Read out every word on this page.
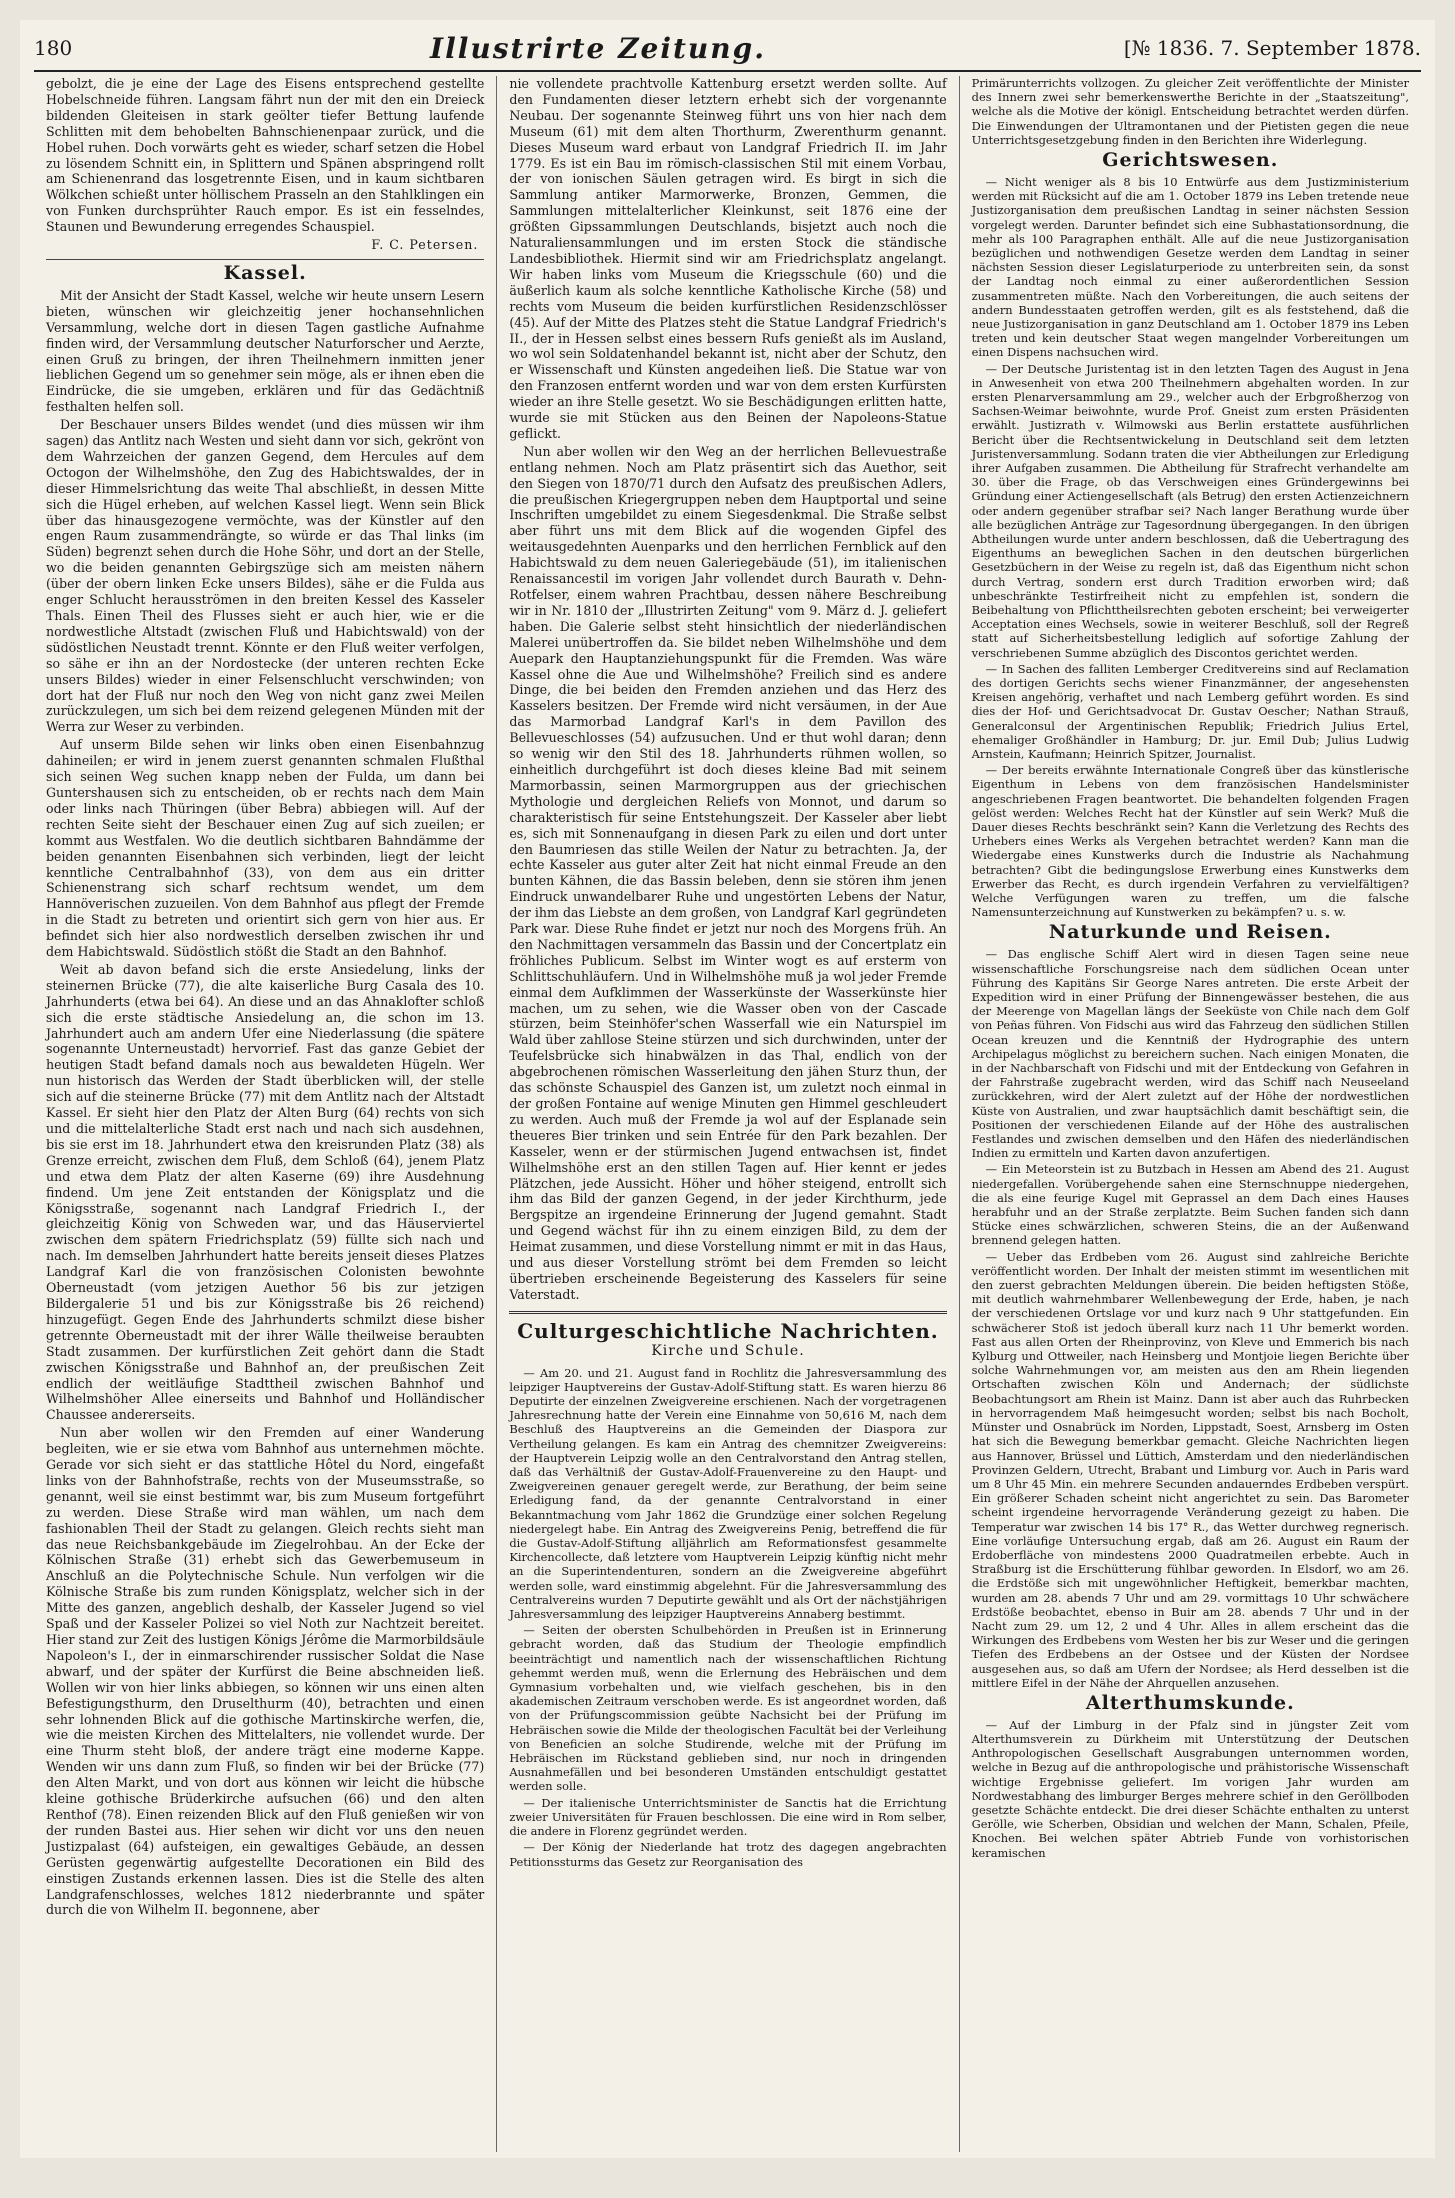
180	Illustrirte Zeitung.	[№ 1836. 7. September 1878.

gebolzt, die je eine der Lage des Eisens entsprechend gestellte Hobelschneide führen. Langsam fährt nun der mit den ein Dreieck bildenden Gleiteisen in stark geölter tiefer Bettung laufende Schlitten mit dem behobelten Bahnschienenpaar zurück, und die Hobel ruhen. Doch vorwärts geht es wieder, scharf setzen die Hobel zu lösendem Schnitt ein, in Splittern und Spänen abspringend rollt am Schienenrand das losgetrennte Eisen, und in kaum sichtbaren Wölkchen schießt unter höllischem Prasseln an den Stahlklingen ein von Funken durchsprühter Rauch empor. Es ist ein fesselndes, Staunen und Bewunderung erregendes Schauspiel.

F. C. Petersen.
Kassel.

Mit der Ansicht der Stadt Kassel, welche wir heute unsern Lesern bieten, wünschen wir gleichzeitig jener hochansehnlichen Versammlung, welche dort in diesen Tagen gastliche Aufnahme finden wird, der Versammlung deutscher Naturforscher und Aerzte, einen Gruß zu bringen, der ihren Theilnehmern inmitten jener lieblichen Gegend um so genehmer sein möge, als er ihnen eben die Eindrücke, die sie umgeben, erklären und für das Gedächtniß festhalten helfen soll.

Der Beschauer unsers Bildes wendet (und dies müssen wir ihm sagen) das Antlitz nach Westen und sieht dann vor sich, gekrönt von dem Wahrzeichen der ganzen Gegend, dem Hercules auf dem Octogon der Wilhelmshöhe, den Zug des Habichtswaldes, der in dieser Himmelsrichtung das weite Thal abschließt, in dessen Mitte sich die Hügel erheben, auf welchen Kassel liegt. Wenn sein Blick über das hinausgezogene vermöchte, was der Künstler auf den engen Raum zusammendrängte, so würde er das Thal links (im Süden) begrenzt sehen durch die Hohe Söhr, und dort an der Stelle, wo die beiden genannten Gebirgszüge sich am meisten nähern (über der obern linken Ecke unsers Bildes), sähe er die Fulda aus enger Schlucht herausströmen in den breiten Kessel des Kasseler Thals. Einen Theil des Flusses sieht er auch hier, wie er die nordwestliche Altstadt (zwischen Fluß und Habichtswald) von der südöstlichen Neustadt trennt. Könnte er den Fluß weiter verfolgen, so sähe er ihn an der Nordostecke (der unteren rechten Ecke unsers Bildes) wieder in einer Felsenschlucht verschwinden; von dort hat der Fluß nur noch den Weg von nicht ganz zwei Meilen zurückzulegen, um sich bei dem reizend gelegenen Münden mit der Werra zur Weser zu verbinden.

Auf unserm Bilde sehen wir links oben einen Eisenbahnzug dahineilen; er wird in jenem zuerst genannten schmalen Flußthal sich seinen Weg suchen knapp neben der Fulda, um dann bei Guntershausen sich zu entscheiden, ob er rechts nach dem Main oder links nach Thüringen (über Bebra) abbiegen will. Auf der rechten Seite sieht der Beschauer einen Zug auf sich zueilen; er kommt aus Westfalen. Wo die deutlich sichtbaren Bahndämme der beiden genannten Eisenbahnen sich verbinden, liegt der leicht kenntliche Centralbahnhof (33), von dem aus ein dritter Schienenstrang sich scharf rechtsum wendet, um dem Hannöverischen zuzueilen. Von dem Bahnhof aus pflegt der Fremde in die Stadt zu betreten und orientirt sich gern von hier aus. Er befindet sich hier also nordwestlich derselben zwischen ihr und dem Habichtswald. Südöstlich stößt die Stadt an den Bahnhof.

Weit ab davon befand sich die erste Ansiedelung, links der steinernen Brücke (77), die alte kaiserliche Burg Casala des 10. Jahrhunderts (etwa bei 64). An diese und an das Ahnaklofter schloß sich die erste städtische Ansiedelung an, die schon im 13. Jahrhundert auch am andern Ufer eine Niederlassung (die spätere sogenannte Unterneustadt) hervorrief. Fast das ganze Gebiet der heutigen Stadt befand damals noch aus bewaldeten Hügeln. Wer nun historisch das Werden der Stadt überblicken will, der stelle sich auf die steinerne Brücke (77) mit dem Antlitz nach der Altstadt Kassel. Er sieht hier den Platz der Alten Burg (64) rechts von sich und die mittelalterliche Stadt erst nach und nach sich ausdehnen, bis sie erst im 18. Jahrhundert etwa den kreisrunden Platz (38) als Grenze erreicht, zwischen dem Fluß, dem Schloß (64), jenem Platz und etwa dem Platz der alten Kaserne (69) ihre Ausdehnung findend. Um jene Zeit entstanden der Königsplatz und die Königsstraße, sogenannt nach Landgraf Friedrich I., der gleichzeitig König von Schweden war, und das Häuserviertel zwischen dem spätern Friedrichsplatz (59) füllte sich nach und nach. Im demselben Jahrhundert hatte bereits jenseit dieses Platzes Landgraf Karl die von französischen Colonisten bewohnte Oberneustadt (vom jetzigen Auethor 56 bis zur jetzigen Bildergalerie 51 und bis zur Königsstraße bis 26 reichend) hinzugefügt. Gegen Ende des Jahrhunderts schmilzt diese bisher getrennte Oberneustadt mit der ihrer Wälle theilweise beraubten Stadt zusammen. Der kurfürstlichen Zeit gehört dann die Stadt zwischen Königsstraße und Bahnhof an, der preußischen Zeit endlich der weitläufige Stadttheil zwischen Bahnhof und Wilhelmshöher Allee einerseits und Bahnhof und Holländischer Chaussee andererseits.

Nun aber wollen wir den Fremden auf einer Wanderung begleiten, wie er sie etwa vom Bahnhof aus unternehmen möchte. Gerade vor sich sieht er das stattliche Hôtel du Nord, eingefaßt links von der Bahnhofstraße, rechts von der Museumsstraße, so genannt, weil sie einst bestimmt war, bis zum Museum fortgeführt zu werden. Diese Straße wird man wählen, um nach dem fashionablen Theil der Stadt zu gelangen. Gleich rechts sieht man das neue Reichsbankgebäude im Ziegelrohbau. An der Ecke der Kölnischen Straße (31) erhebt sich das Gewerbemuseum in Anschluß an die Polytechnische Schule. Nun verfolgen wir die Kölnische Straße bis zum runden Königsplatz, welcher sich in der Mitte des ganzen, angeblich deshalb, der Kasseler Jugend so viel Spaß und der Kasseler Polizei so viel Noth zur Nachtzeit bereitet. Hier stand zur Zeit des lustigen Königs Jérôme die Marmorbildsäule Napoleon's I., der in einmarschirender russischer Soldat die Nase abwarf, und der später der Kurfürst die Beine abschneiden ließ. Wollen wir von hier links abbiegen, so können wir uns einen alten Befestigungsthurm, den Druselthurm (40), betrachten und einen sehr lohnenden Blick auf die gothische Martinskirche werfen, die, wie die meisten Kirchen des Mittelalters, nie vollendet wurde. Der eine Thurm steht bloß, der andere trägt eine moderne Kappe. Wenden wir uns dann zum Fluß, so finden wir bei der Brücke (77) den Alten Markt, und von dort aus können wir leicht die hübsche kleine gothische Brüderkirche aufsuchen (66) und den alten Renthof (78). Einen reizenden Blick auf den Fluß genießen wir von der runden Bastei aus. Hier sehen wir dicht vor uns den neuen Justizpalast (64) aufsteigen, ein gewaltiges Gebäude, an dessen Gerüsten gegenwärtig aufgestellte Decorationen ein Bild des einstigen Zustands erkennen lassen. Dies ist die Stelle des alten Landgrafenschlosses, welches 1812 niederbrannte und später durch die von Wilhelm II. begonnene, aber

nie vollendete prachtvolle Kattenburg ersetzt werden sollte. Auf den Fundamenten dieser letztern erhebt sich der vorgenannte Neubau. Der sogenannte Steinweg führt uns von hier nach dem Museum (61) mit dem alten Thorthurm, Zwerenthurm genannt. Dieses Museum ward erbaut von Landgraf Friedrich II. im Jahr 1779. Es ist ein Bau im römisch-classischen Stil mit einem Vorbau, der von ionischen Säulen getragen wird. Es birgt in sich die Sammlung antiker Marmorwerke, Bronzen, Gemmen, die Sammlungen mittelalterlicher Kleinkunst, seit 1876 eine der größten Gipssammlungen Deutschlands, bisjetzt auch noch die Naturaliensammlungen und im ersten Stock die ständische Landesbibliothek. Hiermit sind wir am Friedrichsplatz angelangt. Wir haben links vom Museum die Kriegsschule (60) und die äußerlich kaum als solche kenntliche Katholische Kirche (58) und rechts vom Museum die beiden kurfürstlichen Residenzschlösser (45). Auf der Mitte des Platzes steht die Statue Landgraf Friedrich's II., der in Hessen selbst eines bessern Rufs genießt als im Ausland, wo wol sein Soldatenhandel bekannt ist, nicht aber der Schutz, den er Wissenschaft und Künsten angedeihen ließ. Die Statue war von den Franzosen entfernt worden und war von dem ersten Kurfürsten wieder an ihre Stelle gesetzt. Wo sie Beschädigungen erlitten hatte, wurde sie mit Stücken aus den Beinen der Napoleons-Statue geflickt.

Nun aber wollen wir den Weg an der herrlichen Bellevuestraße entlang nehmen. Noch am Platz präsentirt sich das Auethor, seit den Siegen von 1870/71 durch den Aufsatz des preußischen Adlers, die preußischen Kriegergruppen neben dem Hauptportal und seine Inschriften umgebildet zu einem Siegesdenkmal. Die Straße selbst aber führt uns mit dem Blick auf die wogenden Gipfel des weitausgedehnten Auenparks und den herrlichen Fernblick auf den Habichtswald zu dem neuen Galeriegebäude (51), im italienischen Renaissancestil im vorigen Jahr vollendet durch Baurath v. Dehn-Rotfelser, einem wahren Prachtbau, dessen nähere Beschreibung wir in Nr. 1810 der „Illustrirten Zeitung" vom 9. März d. J. geliefert haben. Die Galerie selbst steht hinsichtlich der niederländischen Malerei unübertroffen da. Sie bildet neben Wilhelmshöhe und dem Auepark den Hauptanziehungspunkt für die Fremden. Was wäre Kassel ohne die Aue und Wilhelmshöhe? Freilich sind es andere Dinge, die bei beiden den Fremden anziehen und das Herz des Kasselers besitzen. Der Fremde wird nicht versäumen, in der Aue das Marmorbad Landgraf Karl's in dem Pavillon des Bellevueschlosses (54) aufzusuchen. Und er thut wohl daran; denn so wenig wir den Stil des 18. Jahrhunderts rühmen wollen, so einheitlich durchgeführt ist doch dieses kleine Bad mit seinem Marmorbassin, seinen Marmorgruppen aus der griechischen Mythologie und dergleichen Reliefs von Monnot, und darum so charakteristisch für seine Entstehungszeit. Der Kasseler aber liebt es, sich mit Sonnenaufgang in diesen Park zu eilen und dort unter den Baumriesen das stille Weilen der Natur zu betrachten. Ja, der echte Kasseler aus guter alter Zeit hat nicht einmal Freude an den bunten Kähnen, die das Bassin beleben, denn sie stören ihm jenen Eindruck unwandelbarer Ruhe und ungestörten Lebens der Natur, der ihm das Liebste an dem großen, von Landgraf Karl gegründeten Park war. Diese Ruhe findet er jetzt nur noch des Morgens früh. An den Nachmittagen versammeln das Bassin und der Concertplatz ein fröhliches Publicum. Selbst im Winter wogt es auf ersterm von Schlittschuhläufern. Und in Wilhelmshöhe muß ja wol jeder Fremde einmal dem Aufklimmen der Wasserkünste der Wasserkünste hier machen, um zu sehen, wie die Wasser oben von der Cascade stürzen, beim Steinhöfer'schen Wasserfall wie ein Naturspiel im Wald über zahllose Steine stürzen und sich durchwinden, unter der Teufelsbrücke sich hinabwälzen in das Thal, endlich von der abgebrochenen römischen Wasserleitung den jähen Sturz thun, der das schönste Schauspiel des Ganzen ist, um zuletzt noch einmal in der großen Fontaine auf wenige Minuten gen Himmel geschleudert zu werden. Auch muß der Fremde ja wol auf der Esplanade sein theueres Bier trinken und sein Entrée für den Park bezahlen. Der Kasseler, wenn er der stürmischen Jugend entwachsen ist, findet Wilhelmshöhe erst an den stillen Tagen auf. Hier kennt er jedes Plätzchen, jede Aussicht. Höher und höher steigend, entrollt sich ihm das Bild der ganzen Gegend, in der jeder Kirchthurm, jede Bergspitze an irgendeine Erinnerung der Jugend gemahnt. Stadt und Gegend wächst für ihn zu einem einzigen Bild, zu dem der Heimat zusammen, und diese Vorstellung nimmt er mit in das Haus, und aus dieser Vorstellung strömt bei dem Fremden so leicht übertrieben erscheinende Begeisterung des Kasselers für seine Vaterstadt.

Culturgeschichtliche Nachrichten.
Kirche und Schule.

— Am 20. und 21. August fand in Rochlitz die Jahresversammlung des leipziger Hauptvereins der Gustav-Adolf-Stiftung statt. Es waren hierzu 86 Deputirte der einzelnen Zweigvereine erschienen. Nach der vorgetragenen Jahresrechnung hatte der Verein eine Einnahme von 50,616 M, nach dem Beschluß des Hauptvereins an die Gemeinden der Diaspora zur Vertheilung gelangen. Es kam ein Antrag des chemnitzer Zweigvereins: der Hauptverein Leipzig wolle an den Centralvorstand den Antrag stellen, daß das Verhältniß der Gustav-Adolf-Frauenvereine zu den Haupt- und Zweigvereinen genauer geregelt werde, zur Berathung, der beim seine Erledigung fand, da der genannte Centralvorstand in einer Bekanntmachung vom Jahr 1862 die Grundzüge einer solchen Regelung niedergelegt habe. Ein Antrag des Zweigvereins Penig, betreffend die für die Gustav-Adolf-Stiftung alljährlich am Reformationsfest gesammelte Kirchencollecte, daß letztere vom Hauptverein Leipzig künftig nicht mehr an die Superintendenturen, sondern an die Zweigvereine abgeführt werden solle, ward einstimmig abgelehnt. Für die Jahresversammlung des Centralvereins wurden 7 Deputirte gewählt und als Ort der nächstjährigen Jahresversammlung des leipziger Hauptvereins Annaberg bestimmt.

— Seiten der obersten Schulbehörden in Preußen ist in Erinnerung gebracht worden, daß das Studium der Theologie empfindlich beeinträchtigt und namentlich nach der wissenschaftlichen Richtung gehemmt werden muß, wenn die Erlernung des Hebräischen und dem Gymnasium vorbehalten und, wie vielfach geschehen, bis in den akademischen Zeitraum verschoben werde. Es ist angeordnet worden, daß von der Prüfungscommission geübte Nachsicht bei der Prüfung im Hebräischen sowie die Milde der theologischen Facultät bei der Verleihung von Beneficien an solche Studirende, welche mit der Prüfung im Hebräischen im Rückstand geblieben sind, nur noch in dringenden Ausnahmefällen und bei besonderen Umständen entschuldigt gestattet werden solle.

— Der italienische Unterrichtsminister de Sanctis hat die Errichtung zweier Universitäten für Frauen beschlossen. Die eine wird in Rom selber, die andere in Florenz gegründet werden.

— Der König der Niederlande hat trotz des dagegen angebrachten Petitionssturms das Gesetz zur Reorganisation des

Primärunterrichts vollzogen. Zu gleicher Zeit veröffentlichte der Minister des Innern zwei sehr bemerkenswerthe Berichte in der „Staatszeitung", welche als die Motive der königl. Entscheidung betrachtet werden dürfen. Die Einwendungen der Ultramontanen und der Pietisten gegen die neue Unterrichtsgesetzgebung finden in den Berichten ihre Widerlegung.

Gerichtswesen.

— Nicht weniger als 8 bis 10 Entwürfe aus dem Justizministerium werden mit Rücksicht auf die am 1. October 1879 ins Leben tretende neue Justizorganisation dem preußischen Landtag in seiner nächsten Session vorgelegt werden. Darunter befindet sich eine Subhastationsordnung, die mehr als 100 Paragraphen enthält. Alle auf die neue Justizorganisation bezüglichen und nothwendigen Gesetze werden dem Landtag in seiner nächsten Session dieser Legislaturperiode zu unterbreiten sein, da sonst der Landtag noch einmal zu einer außerordentlichen Session zusammentreten müßte. Nach den Vorbereitungen, die auch seitens der andern Bundesstaaten getroffen werden, gilt es als feststehend, daß die neue Justizorganisation in ganz Deutschland am 1. October 1879 ins Leben treten und kein deutscher Staat wegen mangelnder Vorbereitungen um einen Dispens nachsuchen wird.

— Der Deutsche Juristentag ist in den letzten Tagen des August in Jena in Anwesenheit von etwa 200 Theilnehmern abgehalten worden. In zur ersten Plenarversammlung am 29., welcher auch der Erbgroßherzog von Sachsen-Weimar beiwohnte, wurde Prof. Gneist zum ersten Präsidenten erwählt. Justizrath v. Wilmowski aus Berlin erstattete ausführlichen Bericht über die Rechtsentwickelung in Deutschland seit dem letzten Juristenversammlung. Sodann traten die vier Abtheilungen zur Erledigung ihrer Aufgaben zusammen. Die Abtheilung für Strafrecht verhandelte am 30. über die Frage, ob das Verschweigen eines Gründergewinns bei Gründung einer Actiengesellschaft (als Betrug) den ersten Actienzeichnern oder andern gegenüber strafbar sei? Nach langer Berathung wurde über alle bezüglichen Anträge zur Tagesordnung übergegangen. In den übrigen Abtheilungen wurde unter andern beschlossen, daß die Uebertragung des Eigenthums an beweglichen Sachen in den deutschen bürgerlichen Gesetzbüchern in der Weise zu regeln ist, daß das Eigenthum nicht schon durch Vertrag, sondern erst durch Tradition erworben wird; daß unbeschränkte Testirfreiheit nicht zu empfehlen ist, sondern die Beibehaltung von Pflichttheilsrechten geboten erscheint; bei verweigerter Acceptation eines Wechsels, sowie in weiterer Beschluß, soll der Regreß statt auf Sicherheitsbestellung lediglich auf sofortige Zahlung der verschriebenen Summe abzüglich des Discontos gerichtet werden.

— In Sachen des falliten Lemberger Creditvereins sind auf Reclamation des dortigen Gerichts sechs wiener Finanzmänner, der angesehensten Kreisen angehörig, verhaftet und nach Lemberg geführt worden. Es sind dies der Hof- und Gerichtsadvocat Dr. Gustav Oescher; Nathan Strauß, Generalconsul der Argentinischen Republik; Friedrich Julius Ertel, ehemaliger Großhändler in Hamburg; Dr. jur. Emil Dub; Julius Ludwig Arnstein, Kaufmann; Heinrich Spitzer, Journalist.

— Der bereits erwähnte Internationale Congreß über das künstlerische Eigenthum in Lebens von dem französischen Handelsminister angeschriebenen Fragen beantwortet. Die behandelten folgenden Fragen gelöst werden: Welches Recht hat der Künstler auf sein Werk? Muß die Dauer dieses Rechts beschränkt sein? Kann die Verletzung des Rechts des Urhebers eines Werks als Vergehen betrachtet werden? Kann man die Wiedergabe eines Kunstwerks durch die Industrie als Nachahmung betrachten? Gibt die bedingungslose Erwerbung eines Kunstwerks dem Erwerber das Recht, es durch irgendein Verfahren zu vervielfältigen? Welche Verfügungen waren zu treffen, um die falsche Namensunterzeichnung auf Kunstwerken zu bekämpfen? u. s. w.

Naturkunde und Reisen.

— Das englische Schiff Alert wird in diesen Tagen seine neue wissenschaftliche Forschungsreise nach dem südlichen Ocean unter Führung des Kapitäns Sir George Nares antreten. Die erste Arbeit der Expedition wird in einer Prüfung der Binnengewässer bestehen, die aus der Meerenge von Magellan längs der Seeküste von Chile nach dem Golf von Peñas führen. Von Fidschi aus wird das Fahrzeug den südlichen Stillen Ocean kreuzen und die Kenntniß der Hydrographie des untern Archipelagus möglichst zu bereichern suchen. Nach einigen Monaten, die in der Nachbarschaft von Fidschi und mit der Entdeckung von Gefahren in der Fahrstraße zugebracht werden, wird das Schiff nach Neuseeland zurückkehren, wird der Alert zuletzt auf der Höhe der nordwestlichen Küste von Australien, und zwar hauptsächlich damit beschäftigt sein, die Positionen der verschiedenen Eilande auf der Höhe des australischen Festlandes und zwischen demselben und den Häfen des niederländischen Indien zu ermitteln und Karten davon anzufertigen.

— Ein Meteorstein ist zu Butzbach in Hessen am Abend des 21. August niedergefallen. Vorübergehende sahen eine Sternschnuppe niedergehen, die als eine feurige Kugel mit Geprassel an dem Dach eines Hauses herabfuhr und an der Straße zerplatzte. Beim Suchen fanden sich dann Stücke eines schwärzlichen, schweren Steins, die an der Außenwand brennend gelegen hatten.

— Ueber das Erdbeben vom 26. August sind zahlreiche Berichte veröffentlicht worden. Der Inhalt der meisten stimmt im wesentlichen mit den zuerst gebrachten Meldungen überein. Die beiden heftigsten Stöße, mit deutlich wahrnehmbarer Wellenbewegung der Erde, haben, je nach der verschiedenen Ortslage vor und kurz nach 9 Uhr stattgefunden. Ein schwächerer Stoß ist jedoch überall kurz nach 11 Uhr bemerkt worden. Fast aus allen Orten der Rheinprovinz, von Kleve und Emmerich bis nach Kylburg und Ottweiler, nach Heinsberg und Montjoie liegen Berichte über solche Wahrnehmungen vor, am meisten aus den am Rhein liegenden Ortschaften zwischen Köln und Andernach; der südlichste Beobachtungsort am Rhein ist Mainz. Dann ist aber auch das Ruhrbecken in hervorragendem Maß heimgesucht worden; selbst bis nach Bocholt, Münster und Osnabrück im Norden, Lippstadt, Soest, Arnsberg im Osten hat sich die Bewegung bemerkbar gemacht. Gleiche Nachrichten liegen aus Hannover, Brüssel und Lüttich, Amsterdam und den niederländischen Provinzen Geldern, Utrecht, Brabant und Limburg vor. Auch in Paris ward um 8 Uhr 45 Min. ein mehrere Secunden andauerndes Erdbeben verspürt. Ein größerer Schaden scheint nicht angerichtet zu sein. Das Barometer scheint irgendeine hervorragende Veränderung gezeigt zu haben. Die Temperatur war zwischen 14 bis 17° R., das Wetter durchweg regnerisch. Eine vorläufige Untersuchung ergab, daß am 26. August ein Raum der Erdoberfläche von mindestens 2000 Quadratmeilen erbebte. Auch in Straßburg ist die Erschütterung fühlbar geworden. In Elsdorf, wo am 26. die Erdstöße sich mit ungewöhnlicher Heftigkeit, bemerkbar machten, wurden am 28. abends 7 Uhr und am 29. vormittags 10 Uhr schwächere Erdstöße beobachtet, ebenso in Buir am 28. abends 7 Uhr und in der Nacht zum 29. um 12, 2 und 4 Uhr. Alles in allem erscheint das die Wirkungen des Erdbebens vom Westen her bis zur Weser und die geringen Tiefen des Erdbebens an der Ostsee und der Küsten der Nordsee ausgesehen aus, so daß am Ufern der Nordsee; als Herd desselben ist die mittlere Eifel in der Nähe der Ahrquellen anzusehen.

Alterthumskunde.

— Auf der Limburg in der Pfalz sind in jüngster Zeit vom Alterthumsverein zu Dürkheim mit Unterstützung der Deutschen Anthropologischen Gesellschaft Ausgrabungen unternommen worden, welche in Bezug auf die anthropologische und prähistorische Wissenschaft wichtige Ergebnisse geliefert. Im vorigen Jahr wurden am Nordwestabhang des limburger Berges mehrere schief in den Geröllboden gesetzte Schächte entdeckt. Die drei dieser Schächte enthalten zu unterst Gerölle, wie Scherben, Obsidian und welchen der Mann, Schalen, Pfeile, Knochen. Bei welchen später Abtrieb Funde von vorhistorischen keramischen
